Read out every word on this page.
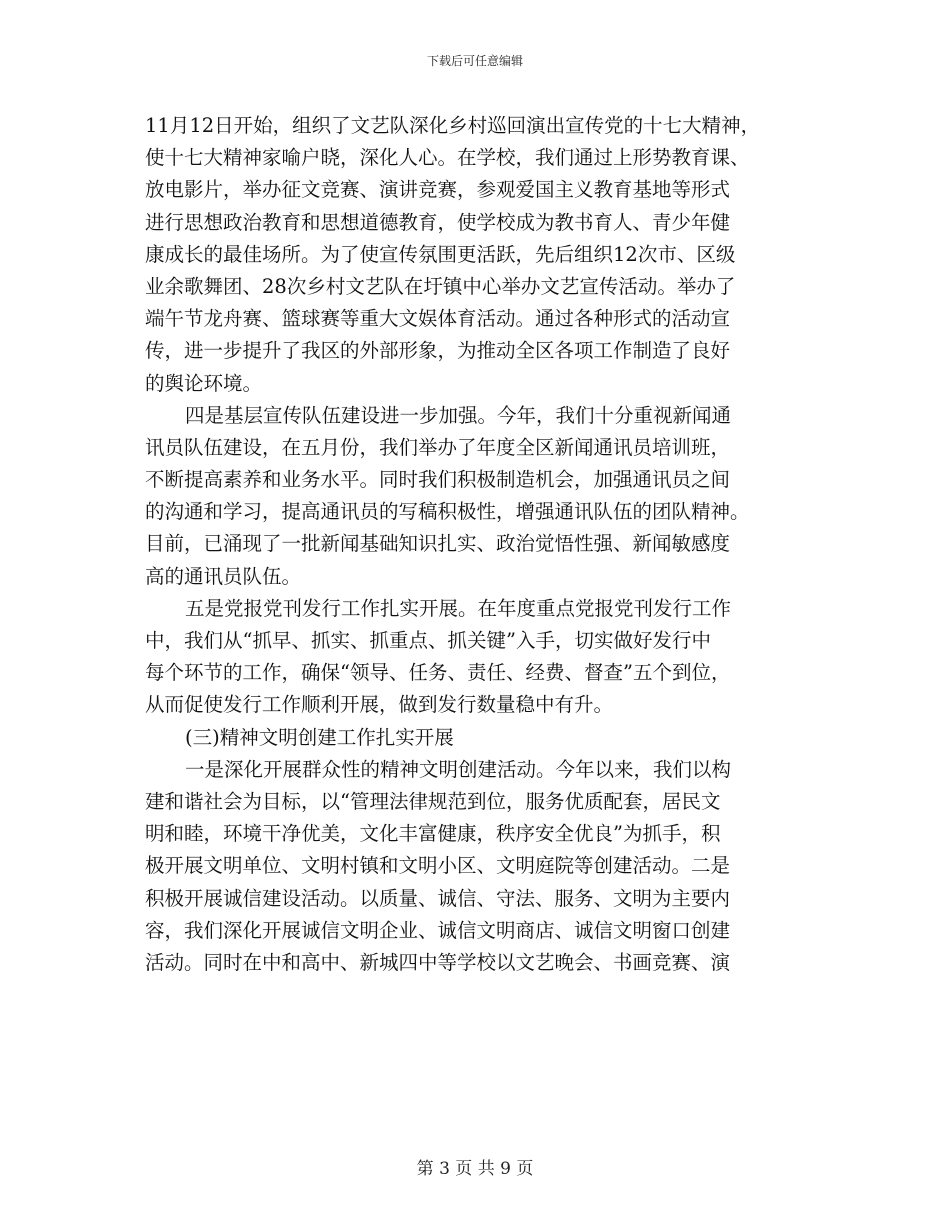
下载后可任意编辑
11月12日开始，组织了文艺队深化乡村巡回演出宣传党的十七大精神，
使十七大精神家喻户晓，深化人心。在学校，我们通过上形势教育课、
放电影片，举办征文竞赛、演讲竞赛，参观爱国主义教育基地等形式
进行思想政治教育和思想道德教育，使学校成为教书育人、青少年健
康成长的最佳场所。为了使宣传氛围更活跃，先后组织12次市、区级
业余歌舞团、28次乡村文艺队在圩镇中心举办文艺宣传活动。举办了
端午节龙舟赛、篮球赛等重大文娱体育活动。通过各种形式的活动宣
传，进一步提升了我区的外部形象，为推动全区各项工作制造了良好
的舆论环境。
四是基层宣传队伍建设进一步加强。今年，我们十分重视新闻通
讯员队伍建设，在五月份，我们举办了年度全区新闻通讯员培训班，
不断提高素养和业务水平。同时我们积极制造机会，加强通讯员之间
的沟通和学习，提高通讯员的写稿积极性，增强通讯队伍的团队精神。
目前，已涌现了一批新闻基础知识扎实、政治觉悟性强、新闻敏感度
高的通讯员队伍。
五是党报党刊发行工作扎实开展。在年度重点党报党刊发行工作
中，我们从“抓早、抓实、抓重点、抓关键”入手，切实做好发行中
每个环节的工作，确保“领导、任务、责任、经费、督查”五个到位，
从而促使发行工作顺利开展，做到发行数量稳中有升。
(三)精神文明创建工作扎实开展
一是深化开展群众性的精神文明创建活动。今年以来，我们以构
建和谐社会为目标，以“管理法律规范到位，服务优质配套，居民文
明和睦，环境干净优美，文化丰富健康，秩序安全优良”为抓手，积
极开展文明单位、文明村镇和文明小区、文明庭院等创建活动。二是
积极开展诚信建设活动。以质量、诚信、守法、服务、文明为主要内
容，我们深化开展诚信文明企业、诚信文明商店、诚信文明窗口创建
活动。同时在中和高中、新城四中等学校以文艺晚会、书画竞赛、演
第 3 页 共 9 页
